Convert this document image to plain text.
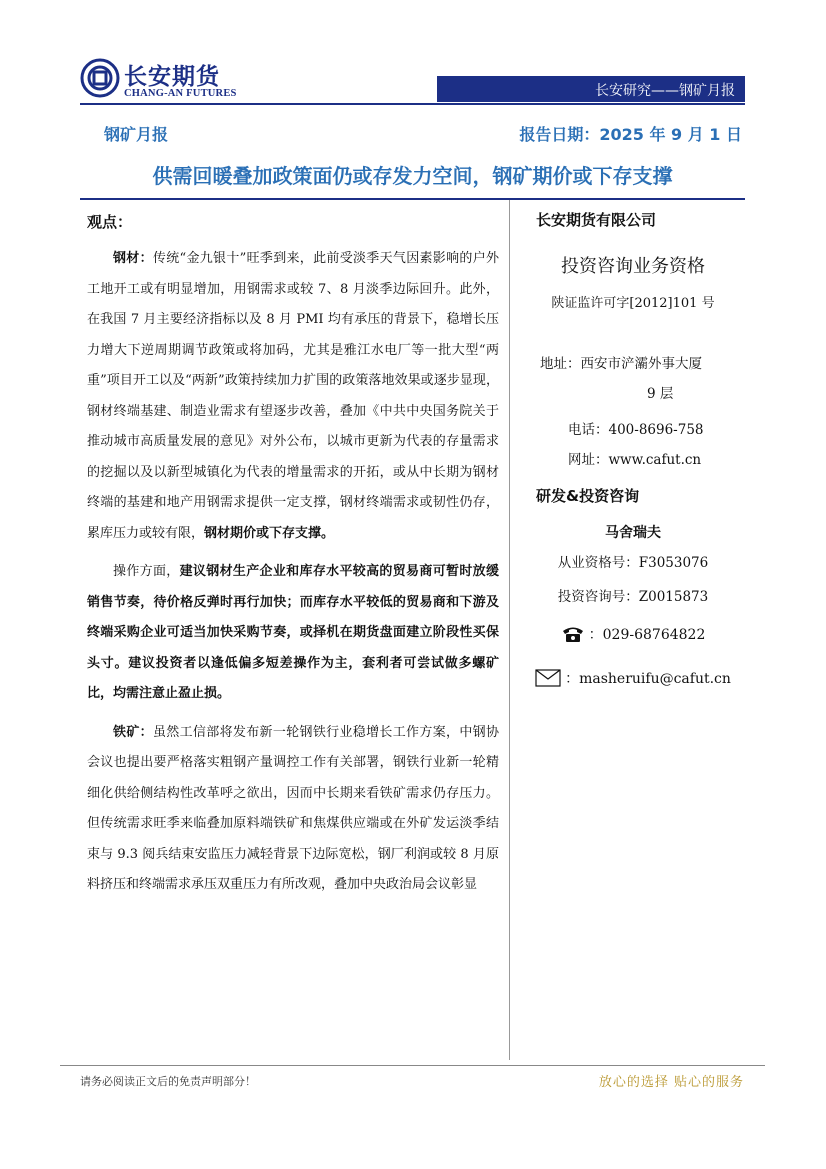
长安期货
CHANG-AN FUTURES	长安研究——钢矿月报
钢矿月报	报告日期：2025 年 9 月 1 日
供需回暖叠加政策面仍或存发力空间，钢矿期价或下存支撑
观点：

钢材：传统“金九银十”旺季到来，此前受淡季天气因素影响的户外工地开工或有明显增加，用钢需求或较 7、8 月淡季边际回升。此外，在我国 7 月主要经济指标以及 8 月 PMI 均有承压的背景下，稳增长压力增大下逆周期调节政策或将加码，尤其是雅江水电厂等一批大型“两重”项目开工以及“两新”政策持续加力扩围的政策落地效果或逐步显现，钢材终端基建、制造业需求有望逐步改善，叠加《中共中央国务院关于推动城市高质量发展的意见》对外公布，以城市更新为代表的存量需求的挖掘以及以新型城镇化为代表的增量需求的开拓，或从中长期为钢材终端的基建和地产用钢需求提供一定支撑，钢材终端需求或韧性仍存，累库压力或较有限，钢材期价或下存支撑。

操作方面，建议钢材生产企业和库存水平较高的贸易商可暂时放缓销售节奏，待价格反弹时再行加快；而库存水平较低的贸易商和下游及终端采购企业可适当加快采购节奏，或择机在期货盘面建立阶段性买保头寸。建议投资者以逢低偏多短差操作为主，套利者可尝试做多螺矿比，均需注意止盈止损。

铁矿：虽然工信部将发布新一轮钢铁行业稳增长工作方案，中钢协会议也提出要严格落实粗钢产量调控工作有关部署，钢铁行业新一轮精细化供给侧结构性改革呼之欲出，因而中长期来看铁矿需求仍存压力。但传统需求旺季来临叠加原料端铁矿和焦煤供应端或在外矿发运淡季结束与 9.3 阅兵结束安监压力减轻背景下边际宽松，钢厂利润或较 8 月原料挤压和终端需求承压双重压力有所改观，叠加中央政治局会议彰显

长安期货有限公司
投资咨询业务资格
陕证监许可字[2012]101 号
地址：西安市浐灞外事大厦
9 层
电话：400-8696-758
网址：www.cafut.cn
研发&投资咨询
马舍瑞夫
从业资格号：F3053076
投资咨询号：Z0015873
：029-68764822
：masheruifu@cafut.cn
请务必阅读正文后的免责声明部分！	放心的选择 贴心的服务
